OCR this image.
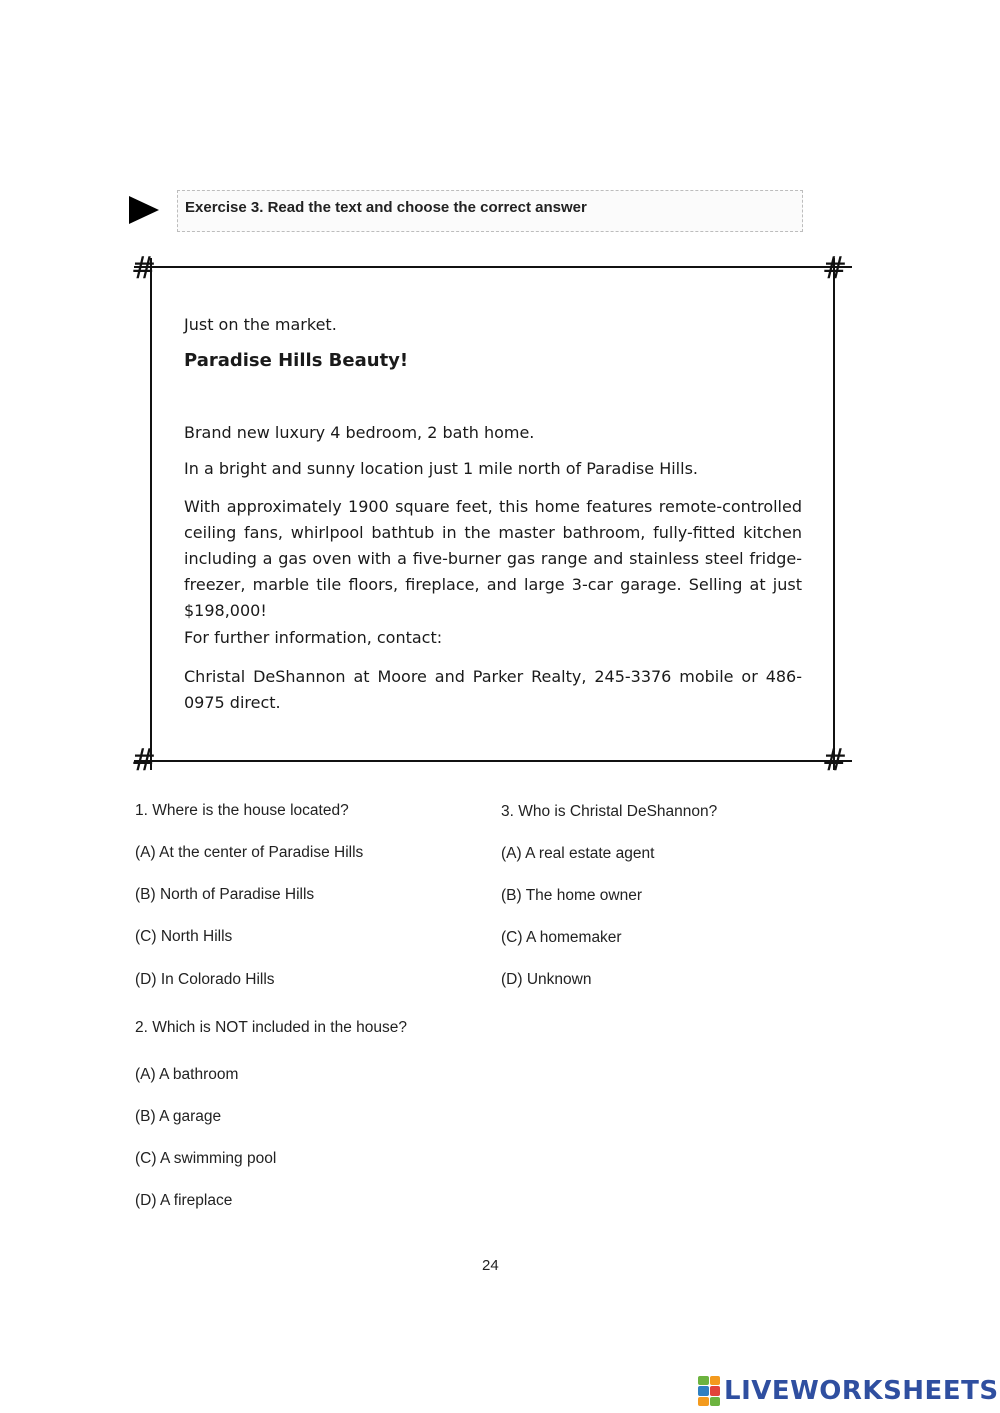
Exercise 3. Read the text and choose the correct answer
#	#
#	#
Just on the market.
Paradise Hills Beauty!
Brand new luxury 4 bedroom, 2 bath home.
In a bright and sunny location just 1 mile north of Paradise Hills.
With approximately 1900 square feet, this home features remote-controlled ceiling fans, whirlpool bathtub in the master bathroom, fully-fitted kitchen including a gas oven with a five-burner gas range and stainless steel fridge-freezer, marble tile floors, fireplace, and large 3-car garage. Selling at just $198,000!
For further information, contact:
Christal DeShannon at Moore and Parker Realty, 245-3376 mobile or 486-0975 direct.
1. Where is the house located?
(A) At the center of Paradise Hills
(B) North of Paradise Hills
(C) North Hills
(D) In Colorado Hills
2. Which is NOT included in the house?
(A) A bathroom
(B) A garage
(C) A swimming pool
(D) A fireplace
3. Who is Christal DeShannon?
(A) A real estate agent
(B) The home owner
(C) A homemaker
(D) Unknown
24
LIVEWORKSHEETS
